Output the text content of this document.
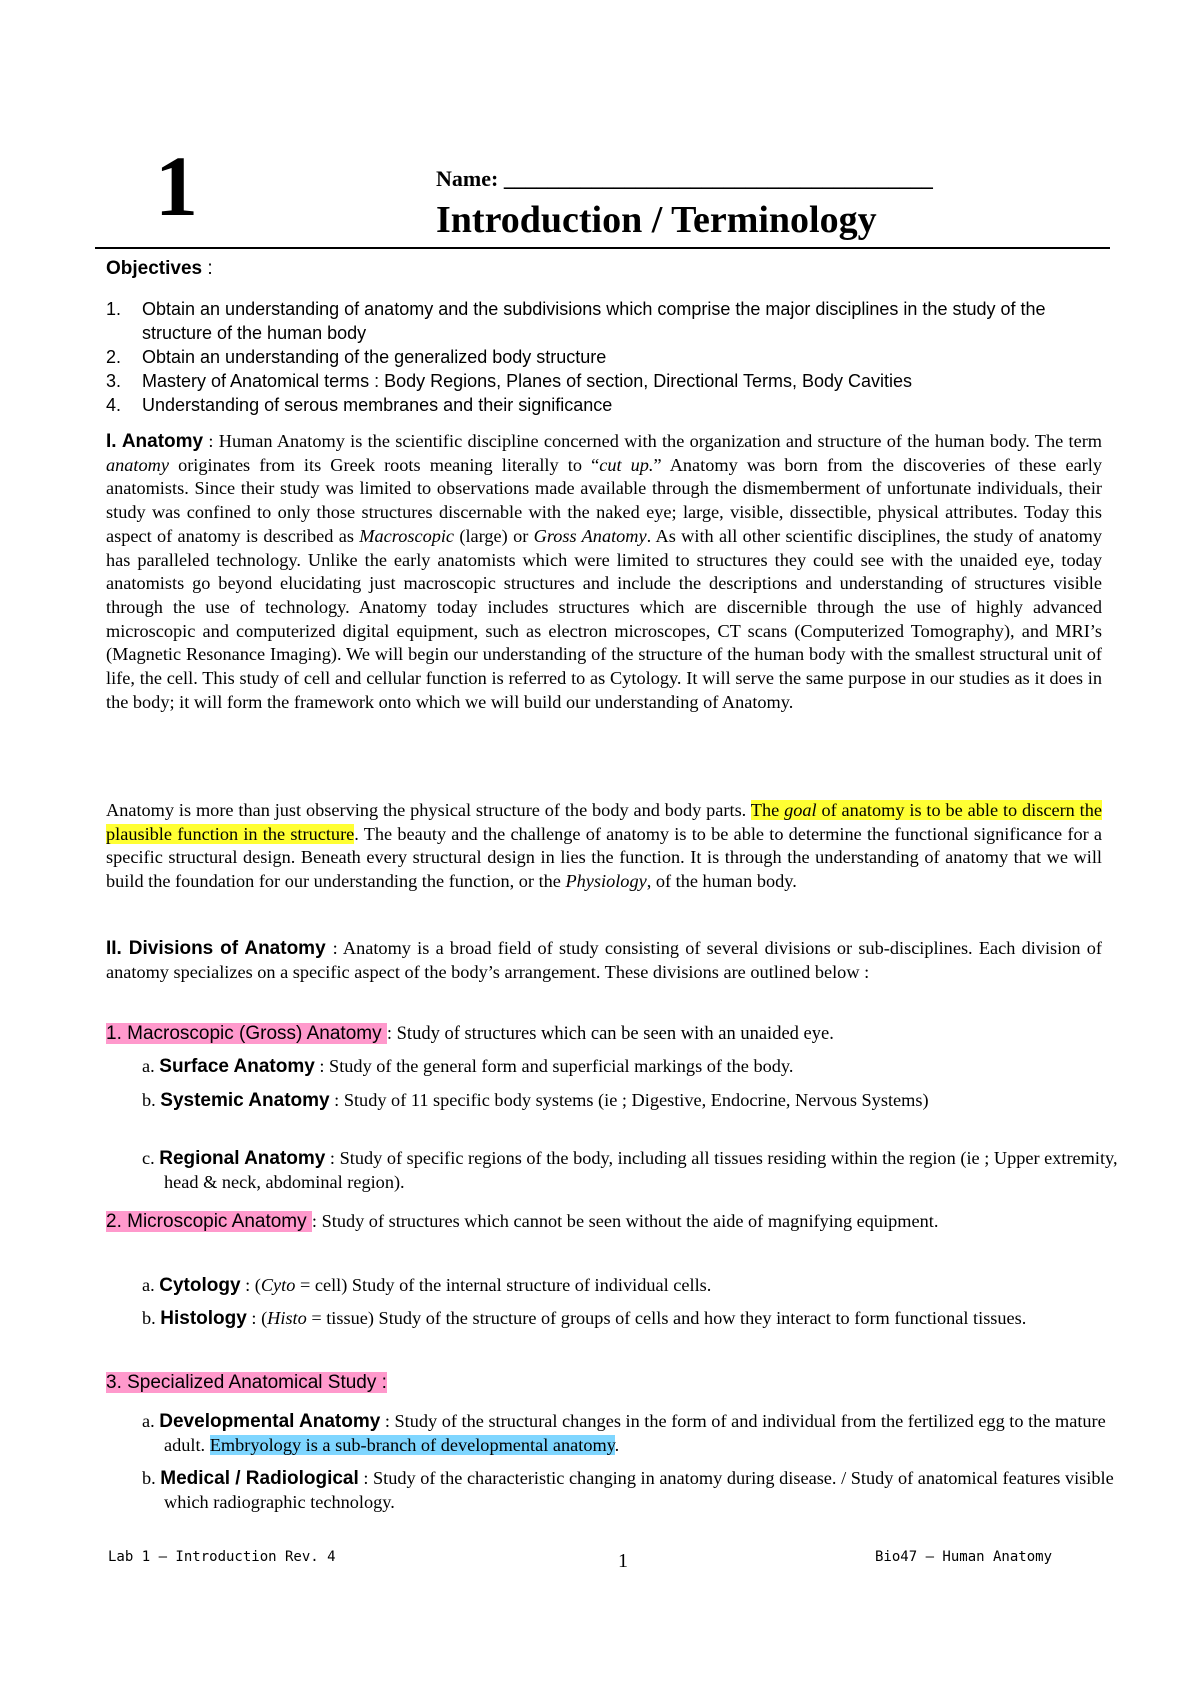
1	Name: _______________________________________
Introduction / Terminology
Objectives :
1. Obtain an understanding of anatomy and the subdivisions which comprise the major disciplines in the study of the structure of the human body
2. Obtain an understanding of the generalized body structure
3. Mastery of Anatomical terms : Body Regions, Planes of section, Directional Terms, Body Cavities
4. Understanding of serous membranes and their significance

I. Anatomy : Human Anatomy is the scientific discipline concerned with the organization and structure of the human body. The term anatomy originates from its Greek roots meaning literally to “cut up.” Anatomy was born from the discoveries of these early anatomists. Since their study was limited to observations made available through the dismemberment of unfortunate individuals, their study was confined to only those structures discernable with the naked eye; large, visible, dissectible, physical attributes. Today this aspect of anatomy is described as Macroscopic (large) or Gross Anatomy. As with all other scientific disciplines, the study of anatomy has paralleled technology. Unlike the early anatomists which were limited to structures they could see with the unaided eye, today anatomists go beyond elucidating just macroscopic structures and include the descriptions and understanding of structures visible through the use of technology. Anatomy today includes structures which are discernible through the use of highly advanced microscopic and computerized digital equipment, such as electron microscopes, CT scans (Computerized Tomography), and MRI’s (Magnetic Resonance Imaging). We will begin our understanding of the structure of the human body with the smallest structural unit of life, the cell. This study of cell and cellular function is referred to as Cytology. It will serve the same purpose in our studies as it does in the body; it will form the framework onto which we will build our understanding of Anatomy.

Anatomy is more than just observing the physical structure of the body and body parts. The goal of anatomy is to be able to discern the plausible function in the structure. The beauty and the challenge of anatomy is to be able to determine the functional significance for a specific structural design. Beneath every structural design in lies the function. It is through the understanding of anatomy that we will build the foundation for our understanding the function, or the Physiology, of the human body.

II. Divisions of Anatomy : Anatomy is a broad field of study consisting of several divisions or sub-disciplines. Each division of anatomy specializes on a specific aspect of the body’s arrangement. These divisions are outlined below :

1. Macroscopic (Gross) Anatomy : Study of structures which can be seen with an unaided eye.

a. Surface Anatomy : Study of the general form and superficial markings of the body.

b. Systemic Anatomy : Study of 11 specific body systems (ie ; Digestive, Endocrine, Nervous Systems)

c. Regional Anatomy : Study of specific regions of the body, including all tissues residing within the region (ie ; Upper extremity, head & neck, abdominal region).

2. Microscopic Anatomy : Study of structures which cannot be seen without the aide of magnifying equipment.

a. Cytology : (Cyto = cell) Study of the internal structure of individual cells.

b. Histology : (Histo = tissue) Study of the structure of groups of cells and how they interact to form functional tissues.

3. Specialized Anatomical Study :

a. Developmental Anatomy : Study of the structural changes in the form of and individual from the fertilized egg to the mature adult. Embryology is a sub-branch of developmental anatomy.

b. Medical / Radiological : Study of the characteristic changing in anatomy during disease. / Study of anatomical features visible which radiographic technology.

Lab 1 – Introduction Rev. 4	1	Bio47 – Human Anatomy
